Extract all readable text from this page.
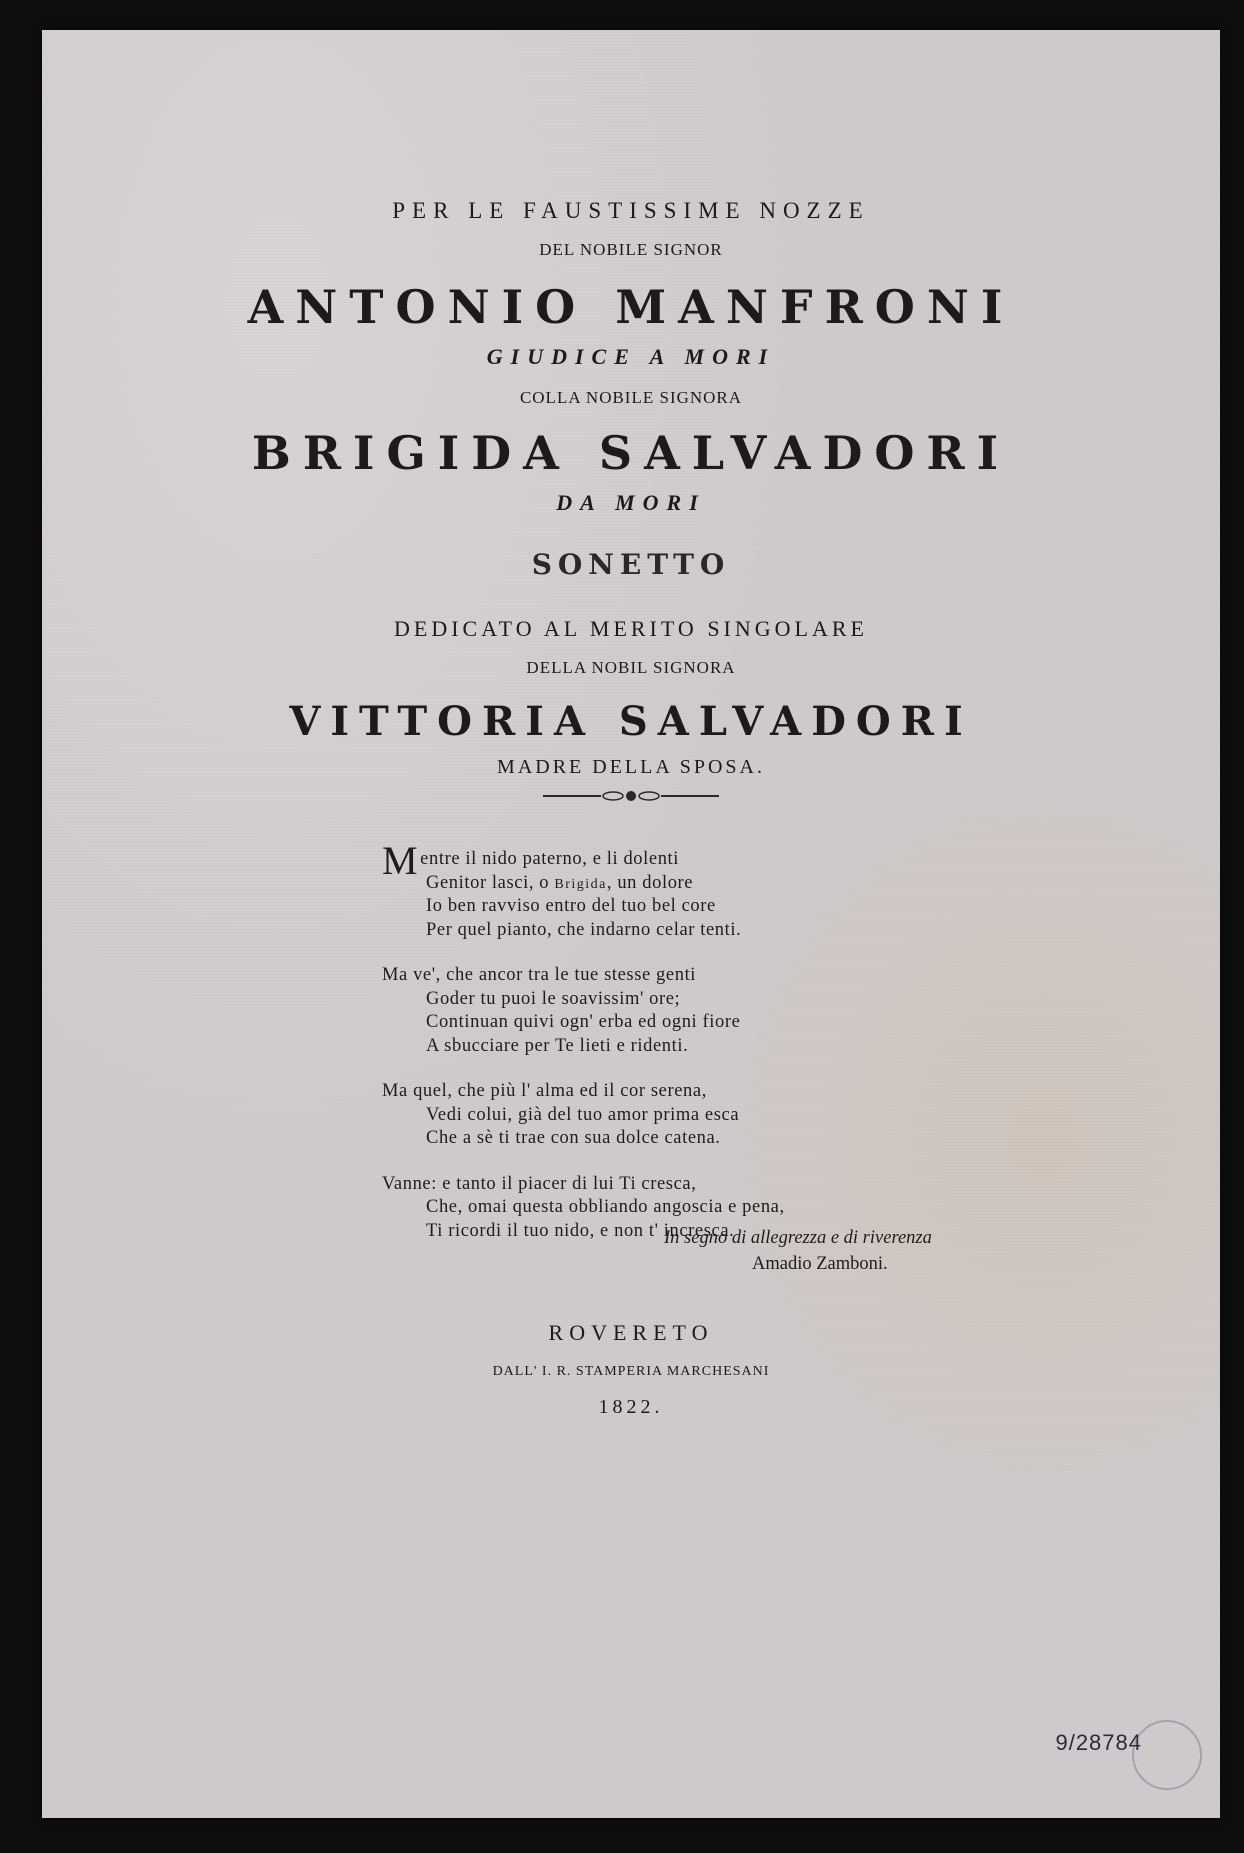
PER LE FAUSTISSIME NOZZE
DEL NOBILE SIGNOR
ANTONIO MANFRONI
GIUDICE A MORI
COLLA NOBILE SIGNORA
BRIGIDA SALVADORI
DA MORI
SONETTO
DEDICATO AL MERITO SINGOLARE
DELLA NOBIL SIGNORA
VITTORIA SALVADORI
MADRE DELLA SPOSA.
Mentre il nido paterno, e li dolenti
Genitor lasci, o Brigida, un dolore
Io ben ravviso entro del tuo bel core
Per quel pianto, che indarno celar tenti.
Ma ve', che ancor tra le tue stesse genti
Goder tu puoi le soavissim' ore;
Continuan quivi ogn' erba ed ogni fiore
A sbucciare per Te lieti e ridenti.
Ma quel, che più l' alma ed il cor serena,
Vedi colui, già del tuo amor prima esca
Che a sè ti trae con sua dolce catena.
Vanne: e tanto il piacer di lui Ti cresca,
Che, omai questa obbliando angoscia e pena,
Ti ricordi il tuo nido, e non t' incresca.
In segno di allegrezza e di riverenza
Amadio Zamboni.
ROVERETO
DALL' I. R. STAMPERIA MARCHESANI
1822.
9/28784
